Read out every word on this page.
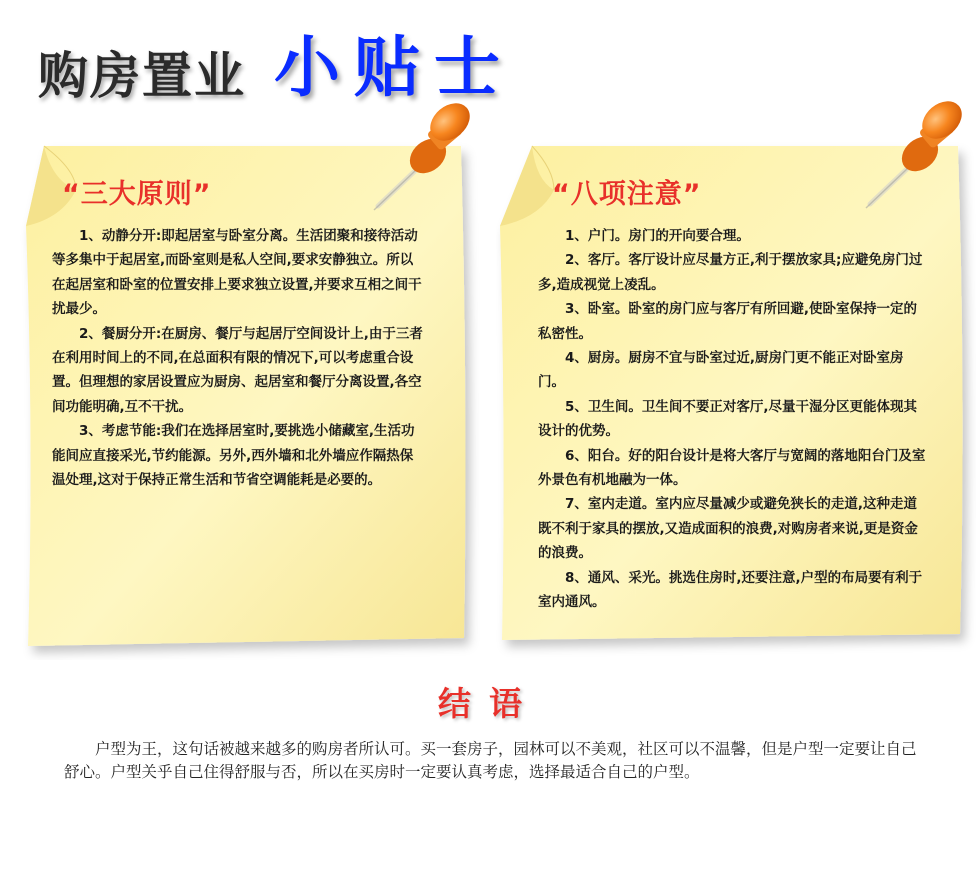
购房置业 小贴士
“三大原则”

1、动静分开:即起居室与卧室分离。生活团聚和接待活动等多集中于起居室,而卧室则是私人空间,要求安静独立。所以在起居室和卧室的位置安排上要求独立设置,并要求互相之间干扰最少。

2、餐厨分开:在厨房、餐厅与起居厅空间设计上,由于三者在利用时间上的不同,在总面积有限的情况下,可以考虑重合设置。但理想的家居设置应为厨房、起居室和餐厅分离设置,各空间功能明确,互不干扰。

3、考虑节能:我们在选择居室时,要挑选小储藏室,生活功能间应直接采光,节约能源。另外,西外墙和北外墙应作隔热保温处理,这对于保持正常生活和节省空调能耗是必要的。

“八项注意”

1、户门。房门的开向要合理。

2、客厅。客厅设计应尽量方正,利于摆放家具;应避免房门过多,造成视觉上凌乱。

3、卧室。卧室的房门应与客厅有所回避,使卧室保持一定的私密性。

4、厨房。厨房不宜与卧室过近,厨房门更不能正对卧室房门。

5、卫生间。卫生间不要正对客厅,尽量干湿分区更能体现其设计的优势。

6、阳台。好的阳台设计是将大客厅与宽阔的落地阳台门及室外景色有机地融为一体。

7、室内走道。室内应尽量减少或避免狭长的走道,这种走道既不利于家具的摆放,又造成面积的浪费,对购房者来说,更是资金的浪费。

8、通风、采光。挑选住房时,还要注意,户型的布局要有利于室内通风。

结语

户型为王，这句话被越来越多的购房者所认可。买一套房子，园林可以不美观，社区可以不温馨，但是户型一定要让自己舒心。户型关乎自己住得舒服与否，所以在买房时一定要认真考虑，选择最适合自己的户型。
